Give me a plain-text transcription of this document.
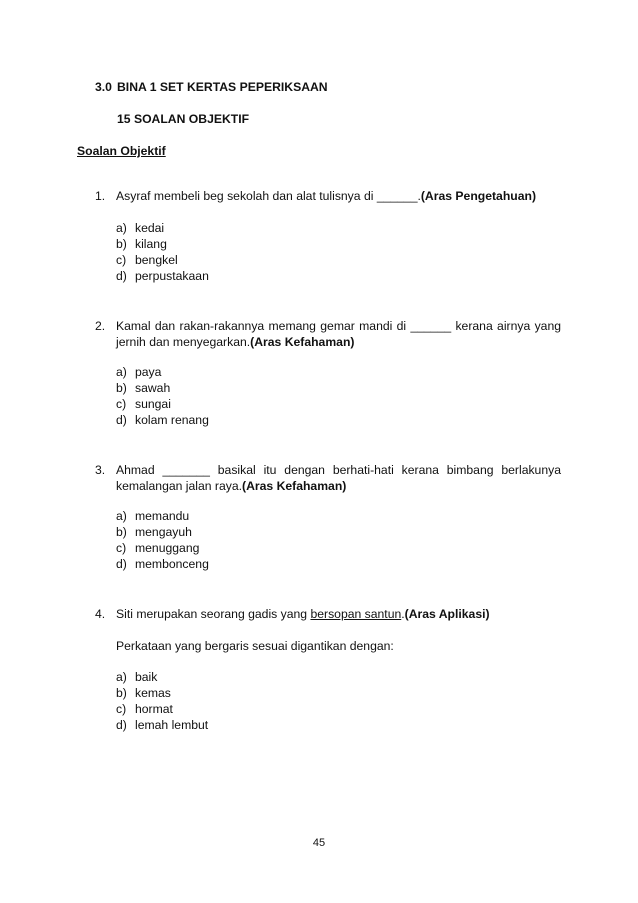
3.0 BINA 1 SET KERTAS PEPERIKSAAN
15 SOALAN OBJEKTIF
Soalan Objektif
1. Asyraf membeli beg sekolah dan alat tulisnya di ______.(Aras Pengetahuan)
a) kedai
b) kilang
c) bengkel
d) perpustakaan
2. Kamal dan rakan-rakannya memang gemar mandi di ______ kerana airnya yang jernih dan menyegarkan.(Aras Kefahaman)
a) paya
b) sawah
c) sungai
d) kolam renang
3. Ahmad _______ basikal itu dengan berhati-hati kerana bimbang berlakunya kemalangan jalan raya.(Aras Kefahaman)
a) memandu
b) mengayuh
c) menuggang
d) membonceng
4. Siti merupakan seorang gadis yang bersopan santun.(Aras Aplikasi)
Perkataan yang bergaris sesuai digantikan dengan:
a) baik
b) kemas
c) hormat
d) lemah lembut
45
